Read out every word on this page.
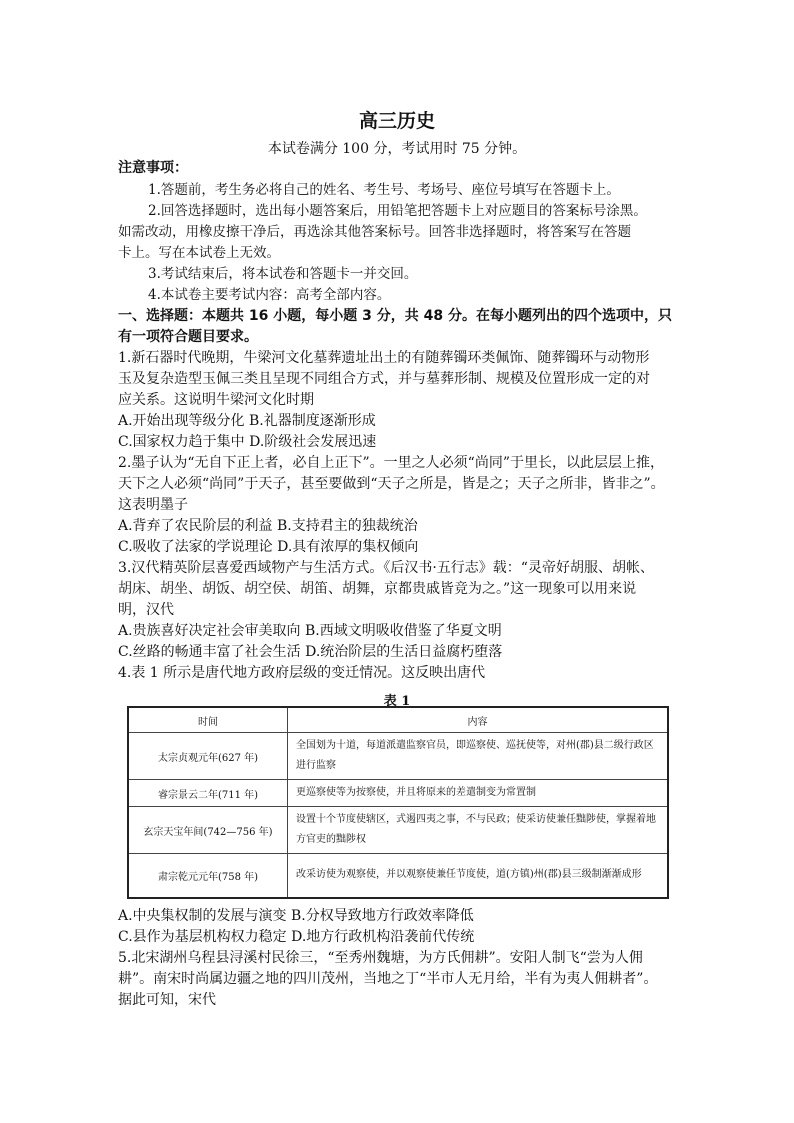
高三历史
本试卷满分 100 分，考试用时 75 分钟。
注意事项：
1.答题前，考生务必将自己的姓名、考生号、考场号、座位号填写在答题卡上。
2.回答选择题时，选出每小题答案后，用铅笔把答题卡上对应题目的答案标号涂黑。
如需改动，用橡皮擦干净后，再选涂其他答案标号。回答非选择题时，将答案写在答题
卡上。写在本试卷上无效。
3.考试结束后，将本试卷和答题卡一并交回。
4.本试卷主要考试内容：高考全部内容。
一、选择题：本题共 16 小题，每小题 3 分，共 48 分。在每小题列出的四个选项中，只
有一项符合题目要求。
1.新石器时代晚期，牛梁河文化墓葬遗址出土的有随葬镯环类佩饰、随葬镯环与动物形
玉及复杂造型玉佩三类且呈现不同组合方式，并与墓葬形制、规模及位置形成一定的对
应关系。这说明牛梁河文化时期
A.开始出现等级分化 B.礼器制度逐渐形成
C.国家权力趋于集中 D.阶级社会发展迅速
2.墨子认为“无自下正上者，必自上正下”。一里之人必须“尚同”于里长，以此层层上推，
天下之人必须“尚同”于天子，甚至要做到“天子之所是，皆是之；天子之所非，皆非之”。
这表明墨子
A.背弃了农民阶层的利益 B.支持君主的独裁统治
C.吸收了法家的学说理论 D.具有浓厚的集权倾向
3.汉代精英阶层喜爱西域物产与生活方式。《后汉书·五行志》载：“灵帝好胡服、胡帐、
胡床、胡坐、胡饭、胡空侯、胡笛、胡舞，京都贵戚皆竞为之。”这一现象可以用来说
明，汉代
A.贵族喜好决定社会审美取向 B.西域文明吸收借鉴了华夏文明
C.丝路的畅通丰富了社会生活 D.统治阶层的生活日益腐朽堕落
4.表 1 所示是唐代地方政府层级的变迁情况。这反映出唐代
表 1
时间	内容
太宗贞观元年(627 年)	全国划为十道，每道派遣监察官员，即巡察使、巡抚使等，对州(郡)县二级行政区进行监察
睿宗景云二年(711 年)	更巡察使等为按察使，并且将原来的差遣制变为常置制
玄宗天宝年间(742—756 年)	设置十个节度使辖区，式遏四夷之事，不与民政；使采访使兼任黜陟使，掌握着地方官吏的黜陟权
肃宗乾元元年(758 年)	改采访使为观察使，并以观察使兼任节度使，道(方镇)州(郡)县三级制渐渐成形
A.中央集权制的发展与演变 B.分权导致地方行政效率降低
C.县作为基层机构权力稳定 D.地方行政机构沿袭前代传统
5.北宋湖州乌程县浔溪村民徐三，“至秀州魏塘，为方氏佣耕”。安阳人制飞“尝为人佣
耕”。南宋时尚属边疆之地的四川茂州，当地之丁“半市人无月给，半有为夷人佣耕者”。
据此可知，宋代
